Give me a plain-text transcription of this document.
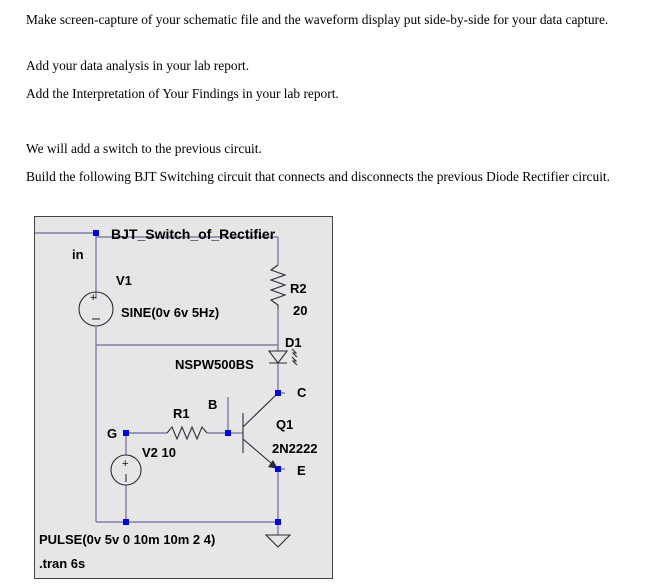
Make screen-capture of your schematic file and the waveform display put side-by-side for your data capture.

Add your data analysis in your lab report.

Add the Interpretation of Your Findings in your lab report.

We will add a switch to the previous circuit.

Build the following BJT Switching circuit that connects and disconnects the previous Diode Rectifier circuit.

+
+
BJT_Switch_of_Rectifier
in
V1
SINE(0v 6v 5Hz)
R2
20
D1
NSPW500BS
C
B
R1
Q1
G
2N2222
V2 10
E
PULSE(0v 5v 0 10m 10m 2 4)
.tran 6s
